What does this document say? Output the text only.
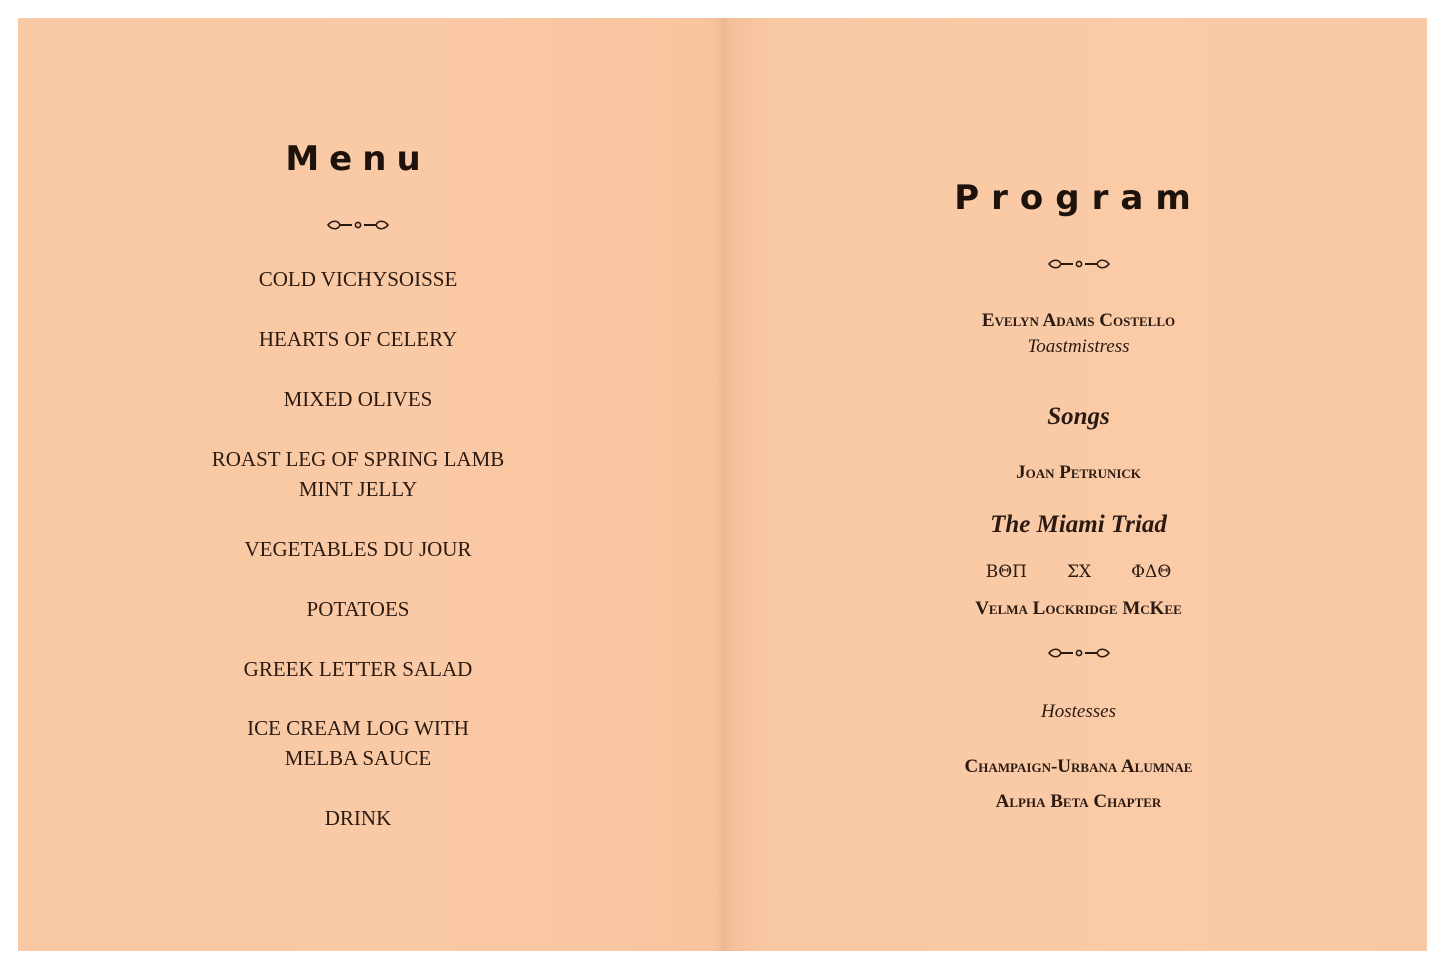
Menu
COLD VICHYSOISSE
HEARTS OF CELERY
MIXED OLIVES
ROAST LEG OF SPRING LAMB
MINT JELLY
VEGETABLES DU JOUR
POTATOES
GREEK LETTER SALAD
ICE CREAM LOG WITH
MELBA SAUCE
DRINK
Program
Evelyn Adams Costello
Toastmistress
Songs
Joan Petrunick
The Miami Triad
ΒΘΠ ΣΧ ΦΔΘ
Velma Lockridge McKee
Hostesses
Champaign-Urbana Alumnae
Alpha Beta Chapter
